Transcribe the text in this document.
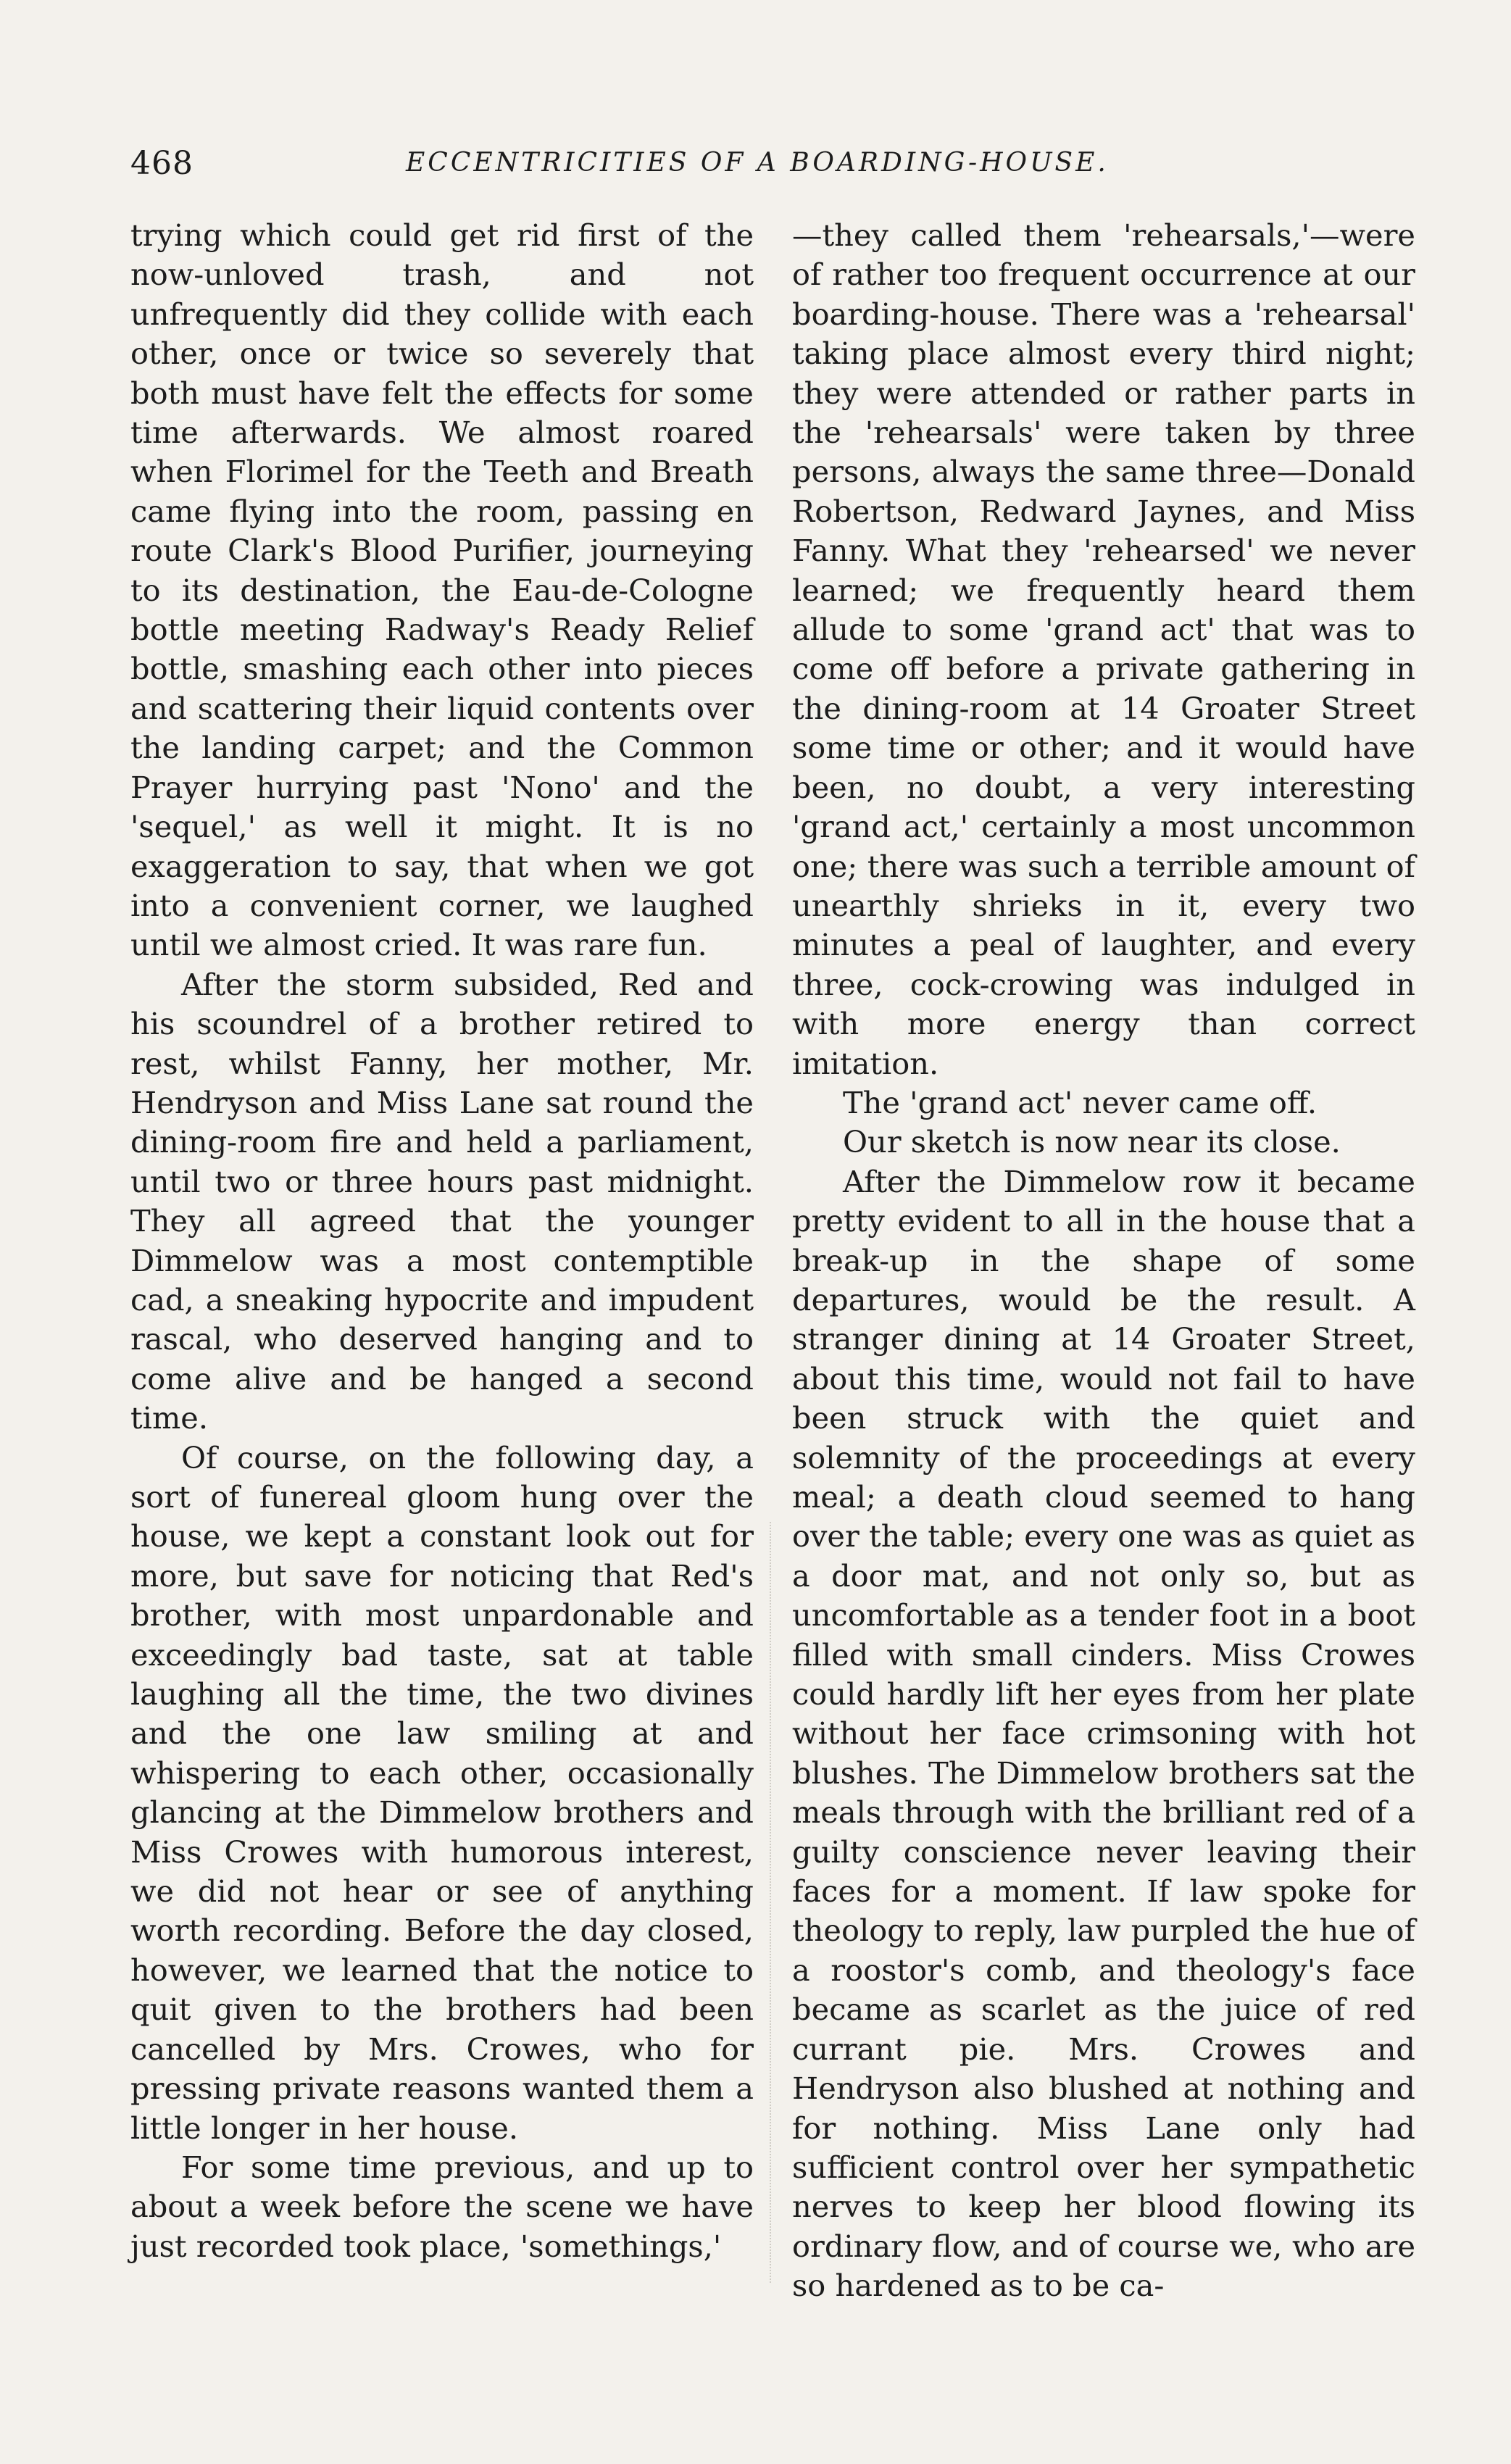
468	ECCENTRICITIES OF A BOARDING-HOUSE.

trying which could get rid first of the now-unloved trash, and not unfrequently did they collide with each other, once or twice so severely that both must have felt the effects for some time afterwards. We almost roared when Florimel for the Teeth and Breath came flying into the room, passing en route Clark's Blood Purifier, journeying to its destination, the Eau-de-Cologne bottle meeting Radway's Ready Relief bottle, smashing each other into pieces and scattering their liquid contents over the landing carpet; and the Common Prayer hurrying past 'Nono' and the 'sequel,' as well it might. It is no exaggeration to say, that when we got into a convenient corner, we laughed until we almost cried. It was rare fun.

After the storm subsided, Red and his scoundrel of a brother retired to rest, whilst Fanny, her mother, Mr. Hendryson and Miss Lane sat round the dining-room fire and held a parliament, until two or three hours past midnight. They all agreed that the younger Dimmelow was a most contemptible cad, a sneaking hypocrite and impudent rascal, who deserved hanging and to come alive and be hanged a second time.

Of course, on the following day, a sort of funereal gloom hung over the house, we kept a constant look out for more, but save for noticing that Red's brother, with most unpardonable and exceedingly bad taste, sat at table laughing all the time, the two divines and the one law smiling at and whispering to each other, occasionally glancing at the Dimmelow brothers and Miss Crowes with humorous interest, we did not hear or see of anything worth recording. Before the day closed, however, we learned that the notice to quit given to the brothers had been cancelled by Mrs. Crowes, who for pressing private reasons wanted them a little longer in her house.

For some time previous, and up to about a week before the scene we have just recorded took place, 'somethings,'

—they called them 'rehearsals,'—were of rather too frequent occurrence at our boarding-house. There was a 'rehearsal' taking place almost every third night; they were attended or rather parts in the 'rehearsals' were taken by three persons, always the same three—Donald Robertson, Redward Jaynes, and Miss Fanny. What they 'rehearsed' we never learned; we frequently heard them allude to some 'grand act' that was to come off before a private gathering in the dining-room at 14 Groater Street some time or other; and it would have been, no doubt, a very interesting 'grand act,' certainly a most uncommon one; there was such a terrible amount of unearthly shrieks in it, every two minutes a peal of laughter, and every three, cock-crowing was indulged in with more energy than correct imitation.

The 'grand act' never came off.

Our sketch is now near its close.

After the Dimmelow row it became pretty evident to all in the house that a break-up in the shape of some departures, would be the result. A stranger dining at 14 Groater Street, about this time, would not fail to have been struck with the quiet and solemnity of the proceedings at every meal; a death cloud seemed to hang over the table; every one was as quiet as a door mat, and not only so, but as uncomfortable as a tender foot in a boot filled with small cinders. Miss Crowes could hardly lift her eyes from her plate without her face crimsoning with hot blushes. The Dimmelow brothers sat the meals through with the brilliant red of a guilty conscience never leaving their faces for a moment. If law spoke for theology to reply, law purpled the hue of a roostor's comb, and theology's face became as scarlet as the juice of red currant pie. Mrs. Crowes and Hendryson also blushed at nothing and for nothing. Miss Lane only had sufficient control over her sympathetic nerves to keep her blood flowing its ordinary flow, and of course we, who are so hardened as to be ca-
